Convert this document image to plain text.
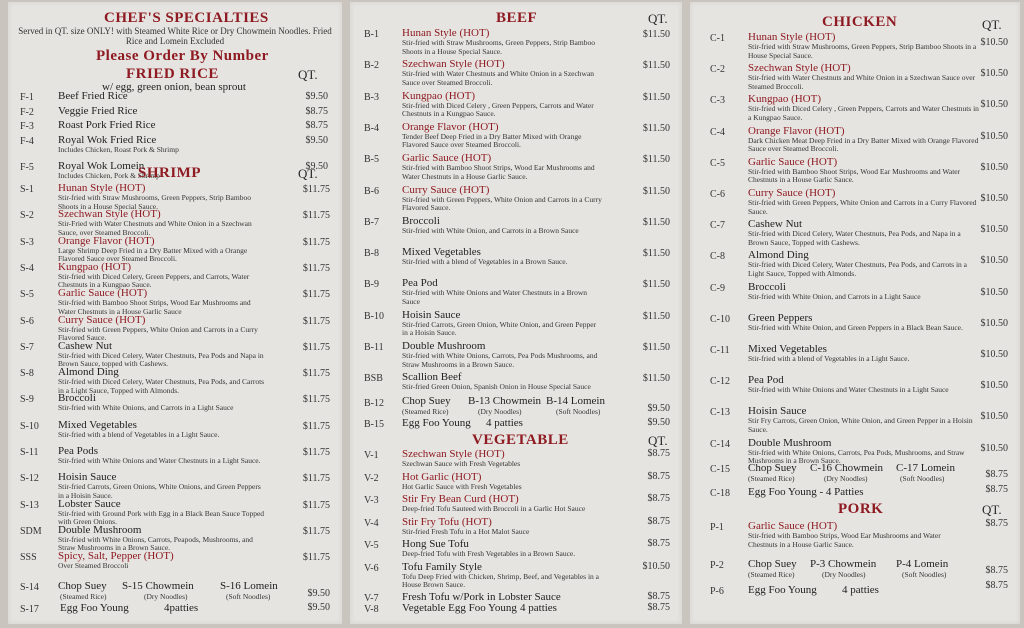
CHEF'S SPECIALTIES
Served in QT. size ONLY! with Steamed White Rice or Dry Chowmein Noodles. Fried Rice and Lomein Excluded
Please Order By Number
FRIED RICE	QT.
w/ egg, green onion, bean sprout
F-1 Beef Fried Rice	$9.50
F-2 Veggie Fried Rice	$8.75
F-3 Roast Pork Fried Rice	$8.75
F-4 Royal Wok Fried Rice
Includes Chicken, Roast Pork & Shrimp
$9.50
F-5 Royal Wok Lomein
Includes Chicken, Pork & Shrimp
$9.50
SHRIMP	QT.
S-1 Hunan Style (HOT)
Stir-fried with Straw Mushrooms, Green Peppers, Strip Bamboo Shoots in a House Special Sauce.
$11.75
S-2 Szechwan Style (HOT)
Stir-Fried with Water Chestnuts and White Onion in a Szechwan Sauce, over Steamed Broccoli.
$11.75
S-3 Orange Flavor (HOT)
Large Shrimp Deep Fried in a Dry Batter Mixed with a Orange Flavored Sauce over Steamed Broccoli.
$11.75
S-4 Kungpao (HOT)
Stir-fried with Diced Celery, Green Peppers, and Carrots, Water Chestnuts in a Kungpao Sauce.
$11.75
S-5 Garlic Sauce (HOT)
Stir-fried with Bamboo Shoot Strips, Wood Ear Mushrooms and Water Chestnuts in a House Garlic Sauce
$11.75
S-6 Curry Sauce (HOT)
Stir-fried with Green Peppers, White Onion and Carrots in a Curry Flavored Sauce.
$11.75
S-7 Cashew Nut
Stir-fried with Diced Celery, Water Chestnuts, Pea Pods and Napa in Brown Sauce, topped with Cashews.
$11.75
S-8 Almond Ding
Stir-fried with Diced Celery, Water Chestnuts, Pea Pods, and Carrots in a Light Sauce, Topped with Almonds.
$11.75
S-9 Broccoli
Stir-fried with White Onions, and Carrots in a Light Sauce
$11.75
S-10 Mixed Vegetables
Stir-fried with a blend of Vegetables in a Light Sauce.
$11.75
S-11 Pea Pods
Stir-fried with White Onions and Water Chestnuts in a Light Sauce.
$11.75
S-12 Hoisin Sauce
Stir-fried Carrots, Green Onions, White Onions, and Green Peppers in a Hoisin Sauce.
$11.75
S-13 Lobster Sauce
Stir-fried with Ground Pork with Egg in a Black Bean Sauce Topped with Green Onions.
$11.75
SDM Double Mushroom
Stir-fried with White Onions, Carrots, Peapods, Mushrooms, and Straw Mushrooms in a Brown Sauce.
$11.75
SSS Spicy, Salt, Pepper (HOT)
Over Steamed Broccoli
$11.75
S-14 Chop Suey
(Steamed Rice)
S-15 Chowmein
(Dry Noodles)
S-16 Lomein
(Soft Noodles)	$9.50
S-17 Egg Foo Young	4patties	$9.50
BEEF	QT.
B-1 Hunan Style (HOT)
Stir-fried with Straw Mushrooms, Green Peppers, Strip Bamboo Shoots in a House Special Sauce.
$11.50
B-2 Szechwan Style (HOT)
Stir-fried with Water Chestnuts and White Onion in a Szechwan Sauce over Steamed Broccoli.
$11.50
B-3 Kungpao (HOT)
Stir-fried with Diced Celery , Green Peppers, Carrots and Water Chestnuts in a Kungpao Sauce.
$11.50
B-4 Orange Flavor (HOT)
Tender Beef Deep Fried in a Dry Batter Mixed with Orange Flavored Sauce over Steamed Broccoli.
$11.50
B-5 Garlic Sauce (HOT)
Stir-fried with Bamboo Shoot Strips, Wood Ear Mushrooms and Water Chestnuts in a House Garlic Sauce.
$11.50
B-6 Curry Sauce (HOT)
Stir-fried with Green Peppers, White Onion and Carrots in a Curry Flavored Sauce.
$11.50
B-7 Broccoli
Stir-fried with White Onion, and Carrots in a Brown Sauce
$11.50
B-8 Mixed Vegetables
Stir-fried with a blend of Vegetables in a Brown Sauce.
$11.50
B-9 Pea Pod
Stir-fried with White Onions and Water Chestnuts in a Brown Sauce
$11.50
B-10 Hoisin Sauce
Stir-fried Carrots, Green Onion, White Onion, and Green Pepper in a Hoisin Sauce.
$11.50
B-11 Double Mushroom
Stir-fried with White Onions, Carrots, Pea Pods Mushrooms, and Straw Mushrooms in a Brown Sauce.
$11.50
BSB Scallion Beef
Stir-fried Green Onion, Spanish Onion in House Special Sauce
$11.50
B-12 Chop Suey
(Steamed Rice)
B-13 Chowmein
(Dry Noodles)
B-14 Lomein
(Soft Noodles)	$9.50
B-15 Egg Foo Young 4 patties	$9.50
VEGETABLE	QT.
V-1 Szechwan Style (HOT)
Szechwan Sauce with Fresh Vegetables
$8.75
V-2 Hot Garlic (HOT)
Hot Garlic Sauce with Fresh Vegetables
$8.75
V-3 Stir Fry Bean Curd (HOT)
Deep-fried Tofu Sauteed with Broccoli in a Garlic Hot Sauce
$8.75
V-4 Stir Fry Tofu (HOT)
Stir-fried Fresh Tofu in a Hot Malot Sauce
$8.75
V-5 Hong Sue Tofu
Deep-fried Tofu with Fresh Vegetables in a Brown Sauce.
$8.75
V-6 Tofu Family Style
Tofu Deep Fried with Chicken, Shrimp, Beef, and Vegetables in a House Brown Sauce.
$10.50
V-7 Fresh Tofu w/Pork in Lobster Sauce	$8.75
V-8 Vegetable Egg Foo Young 4 patties	$8.75
CHICKEN	QT.
C-1 Hunan Style (HOT)
Stir-fried with Straw Mushrooms, Green Peppers, Strip Bamboo Shoots in a House Special Sauce.
$10.50
C-2 Szechwan Style (HOT)
Stir-fried with Water Chestnuts and White Onion in a Szechwan Sauce over Steamed Broccoli.
$10.50
C-3 Kungpao (HOT)
Stir-fried with Diced Celery , Green Peppers, Carrots and Water Chestnuts in a Kungpao Sauce.
$10.50
C-4 Orange Flavor (HOT)
Dark Chicken Meat Deep Fried in a Dry Batter Mixed with Orange Flavored Sauce over Steamed Broccoli.
$10.50
C-5 Garlic Sauce (HOT)
Stir-fried with Bamboo Shoot Strips, Wood Ear Mushrooms and Water Chestnuts in a House Garlic Sauce.
$10.50
C-6 Curry Sauce (HOT)
Stir-fried with Green Peppers, White Onion and Carrots in a Curry Flavored Sauce.
$10.50
C-7 Cashew Nut
Stir-fried with Diced Celery, Water Chestnuts, Pea Pods, and Napa in a Brown Sauce, Topped with Cashews.
$10.50
C-8 Almond Ding
Stir-fried with Diced Celery, Water Chestnuts, Pea Pods, and Carrots in a Light Sauce, Topped with Almonds.
$10.50
C-9 Broccoli
Stir-fried with White Onion, and Carrots in a Light Sauce	$10.50
C-10 Green Peppers
Stir-fried with White Onion, and Green Peppers in a Black Bean Sauce.	$10.50
C-11 Mixed Vegetables
Stir-fried with a blend of Vegetables in a Light Sauce.	$10.50
C-12 Pea Pod
Stir-fried with White Onions and Water Chestnuts in a Light Sauce	$10.50
C-13 Hoisin Sauce
Stir Fry Carrots, Green Onion, White Onion, and Green Pepper in a Hoisin Sauce.
$10.50
C-14 Double Mushroom
Stir-fried with White Onions, Carrots, Pea Pods, Mushrooms, and Straw Mushrooms in a Brown Sauce.
$10.50
C-15 Chop Suey
(Steamed Rice)
C-16 Chowmein
(Dry Noodles)
C-17 Lomein
(Soft Noodles)	$8.75
C-18 Egg Foo Young - 4 Patties	$8.75
PORK	QT.
P-1 Garlic Sauce (HOT)
Stir-fried with Bamboo Strips, Wood Ear Mushrooms and Water Chestnuts in a House Garlic Sauce.
$8.75
P-2 Chop Suey
(Steamed Rice)
P-3 Chowmein
(Dry Noodles)
P-4 Lomein
(Soft Noodles)	$8.75
P-6 Egg Foo Young 4 patties	$8.75
